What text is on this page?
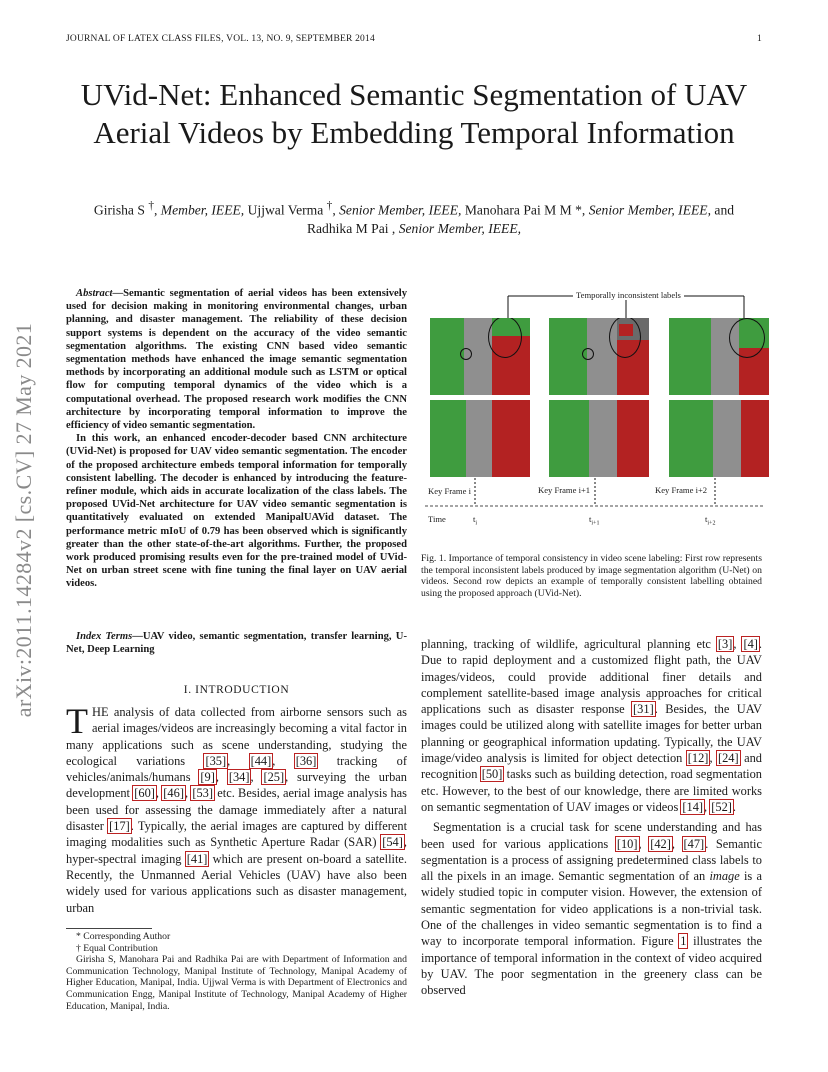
JOURNAL OF LATEX CLASS FILES, VOL. 13, NO. 9, SEPTEMBER 2014	1
arXiv:2011.14284v2 [cs.CV] 27 May 2021
UVid-Net: Enhanced Semantic Segmentation of UAV Aerial Videos by Embedding Temporal Information
Girisha S †, Member, IEEE, Ujjwal Verma †, Senior Member, IEEE, Manohara Pai M M *, Senior Member, IEEE, and Radhika M Pai , Senior Member, IEEE,

Abstract—Semantic segmentation of aerial videos has been extensively used for decision making in monitoring environmental changes, urban planning, and disaster management. The reliability of these decision support systems is dependent on the accuracy of the video semantic segmentation algorithms. The existing CNN based video semantic segmentation methods have enhanced the image semantic segmentation methods by incorporating an additional module such as LSTM or optical flow for computing temporal dynamics of the video which is a computational overhead. The proposed research work modifies the CNN architecture by incorporating temporal information to improve the efficiency of video semantic segmentation.

In this work, an enhanced encoder-decoder based CNN architecture (UVid-Net) is proposed for UAV video semantic segmentation. The encoder of the proposed architecture embeds temporal information for temporally consistent labelling. The decoder is enhanced by introducing the feature-refiner module, which aids in accurate localization of the class labels. The proposed UVid-Net architecture for UAV video semantic segmentation is quantitatively evaluated on extended ManipalUAVid dataset. The performance metric mIoU of 0.79 has been observed which is significantly greater than the other state-of-the-art algorithms. Further, the proposed work produced promising results even for the pre-trained model of UVid-Net on urban street scene with fine tuning the final layer on UAV aerial videos.

Index Terms—UAV video, semantic segmentation, transfer learning, U-Net, Deep Learning
I. INTRODUCTION

THE analysis of data collected from airborne sensors such as aerial images/videos are increasingly becoming a vital factor in many applications such as scene understanding, studying the ecological variations [35], [44], [36] tracking of vehicles/animals/humans [9], [34], [25], surveying the urban development [60], [46], [53] etc. Besides, aerial image analysis has been used for assessing the damage immediately after a natural disaster [17]. Typically, the aerial images are captured by different imaging modalities such as Synthetic Aperture Radar (SAR) [54], hyper-spectral imaging [41] which are present on-board a satellite. Recently, the Unmanned Aerial Vehicles (UAV) have also been widely used for various applications such as disaster management, urban

* Corresponding Author

† Equal Contribution

Girisha S, Manohara Pai and Radhika Pai are with Department of Information and Communication Technology, Manipal Institute of Technology, Manipal Academy of Higher Education, Manipal, India. Ujjwal Verma is with Department of Electronics and Communication Engg, Manipal Institute of Technology, Manipal Academy of Higher Education, Manipal, India.

Temporally inconsistent labels
Key Frame i	Key Frame i+1	Key Frame i+2
Time	$t_i$	$t_{i+1}$	$t_{i+2}$
Fig. 1. Importance of temporal consistency in video scene labeling: First row represents the temporal inconsistent labels produced by image segmentation algorithm (U-Net) on videos. Second row depicts an example of temporally consistent labelling obtained using the proposed approach (UVid-Net).

planning, tracking of wildlife, agricultural planning etc [3], [4]. Due to rapid deployment and a customized flight path, the UAV images/videos, could provide additional finer details and complement satellite-based image analysis approaches for critical applications such as disaster response [31]. Besides, the UAV images could be utilized along with satellite images for better urban planning or geographical information updating. Typically, the UAV image/video analysis is limited for object detection [12], [24] and recognition [50] tasks such as building detection, road segmentation etc. However, to the best of our knowledge, there are limited works on semantic segmentation of UAV images or videos [14], [52].

Segmentation is a crucial task for scene understanding and has been used for various applications [10], [42], [47]. Semantic segmentation is a process of assigning predetermined class labels to all the pixels in an image. Semantic segmentation of an image is a widely studied topic in computer vision. However, the extension of semantic segmentation for video applications is a non-trivial task. One of the challenges in video semantic segmentation is to find a way to incorporate temporal information. Figure 1 illustrates the importance of temporal information in the context of video acquired by UAV. The poor segmentation in the greenery class can be observed
